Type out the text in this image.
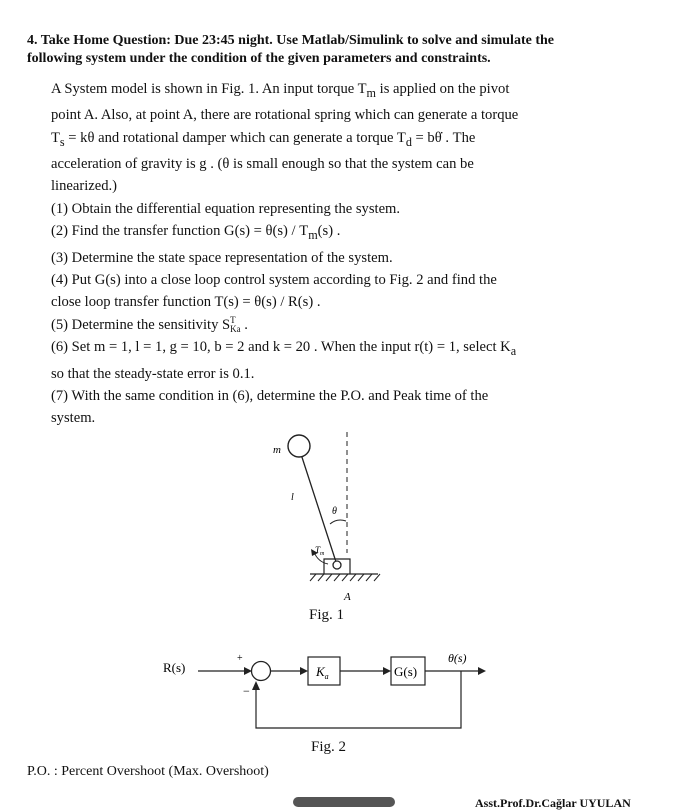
4. Take Home Question: Due 23:45 night. Use Matlab/Simulink to solve and simulate the
following system under the condition of the given parameters and constraints.

A System model is shown in Fig. 1. An input torque $T_m$ is applied on the pivot

point A. Also, at point A, there are rotational spring which can generate a torque

$T_s = k\theta$ and rotational damper which can generate a torque $T_d$ = bθ̇ . The

acceleration of gravity is g . (θ is small enough so that the system can be

linearized.)

(1) Obtain the differential equation representing the system.

(2) Find the transfer function $G(s) = \theta(s) / T_m(s)$ .

(3) Determine the state space representation of the system.

(4) Put G(s) into a close loop control system according to Fig. 2 and find the

close loop transfer function T(s) = θ(s) / R(s) .

(5) Determine the sensitivity S T
Ka .

(6) Set m = 1, l = 1, g = 10, b = 2 and k = 20 . When the input r(t) = 1, select $K_a$

so that the steady-state error is 0.1.

(7) With the same condition in (6), determine the P.O. and Peak time of the

system.

m
l
θ
$T_m$
A
Fig. 1
R(s)
+
−
$K_a$	G(s)
θ(s)
Fig. 2
P.O. : Percent Overshoot (Max. Overshoot)
Asst.Prof.Dr.Cağlar UYULAN
